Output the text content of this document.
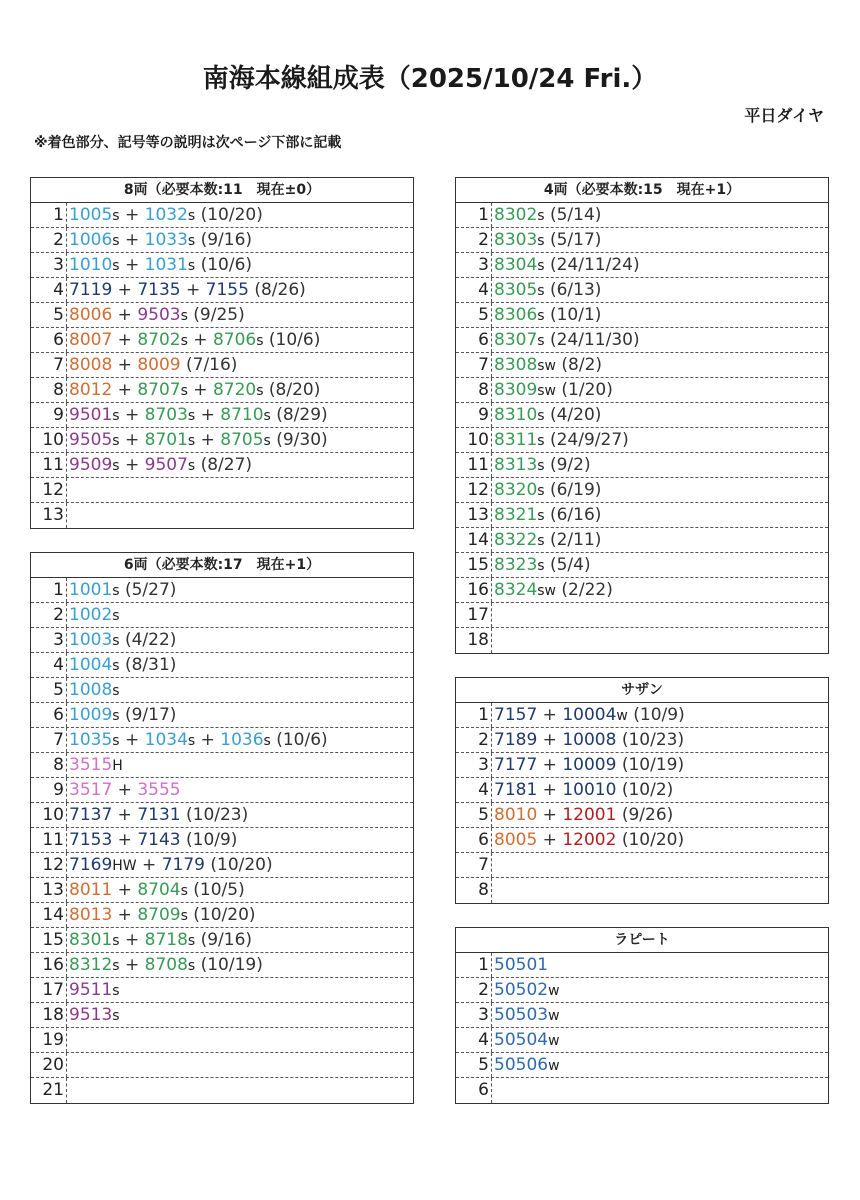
南海本線組成表（2025/10/24 Fri.）
平日ダイヤ
※着色部分、記号等の説明は次ページ下部に記載
8両（必要本数:11　現在±0）
1 1005s + 1032s (10/20)
2 1006s + 1033s (9/16)
3 1010s + 1031s (10/6)
4 7119 + 7135 + 7155 (8/26)
5 8006 + 9503s (9/25)
6 8007 + 8702s + 8706s (10/6)
7 8008 + 8009 (7/16)
8 8012 + 8707s + 8720s (8/20)
9 9501s + 8703s + 8710s (8/29)
10 9505s + 8701s + 8705s (9/30)
11 9509s + 9507s (8/27)
12
13
6両（必要本数:17　現在+1）
1 1001s (5/27)
2 1002s
3 1003s (4/22)
4 1004s (8/31)
5 1008s
6 1009s (9/17)
7 1035s + 1034s + 1036s (10/6)
8 3515H
9 3517 + 3555
10 7137 + 7131 (10/23)
11 7153 + 7143 (10/9)
12 7169HW + 7179 (10/20)
13 8011 + 8704s (10/5)
14 8013 + 8709s (10/20)
15 8301s + 8718s (9/16)
16 8312s + 8708s (10/19)
17 9511s
18 9513s
19
20
21
4両（必要本数:15　現在+1）
1 8302s (5/14)
2 8303s (5/17)
3 8304s (24/11/24)
4 8305s (6/13)
5 8306s (10/1)
6 8307s (24/11/30)
7 8308sw (8/2)
8 8309sw (1/20)
9 8310s (4/20)
10 8311s (24/9/27)
11 8313s (9/2)
12 8320s (6/19)
13 8321s (6/16)
14 8322s (2/11)
15 8323s (5/4)
16 8324sw (2/22)
17
18
サザン
1 7157 + 10004w (10/9)
2 7189 + 10008 (10/23)
3 7177 + 10009 (10/19)
4 7181 + 10010 (10/2)
5 8010 + 12001 (9/26)
6 8005 + 12002 (10/20)
7
8
ラピート
1 50501
2 50502w
3 50503w
4 50504w
5 50506w
6
